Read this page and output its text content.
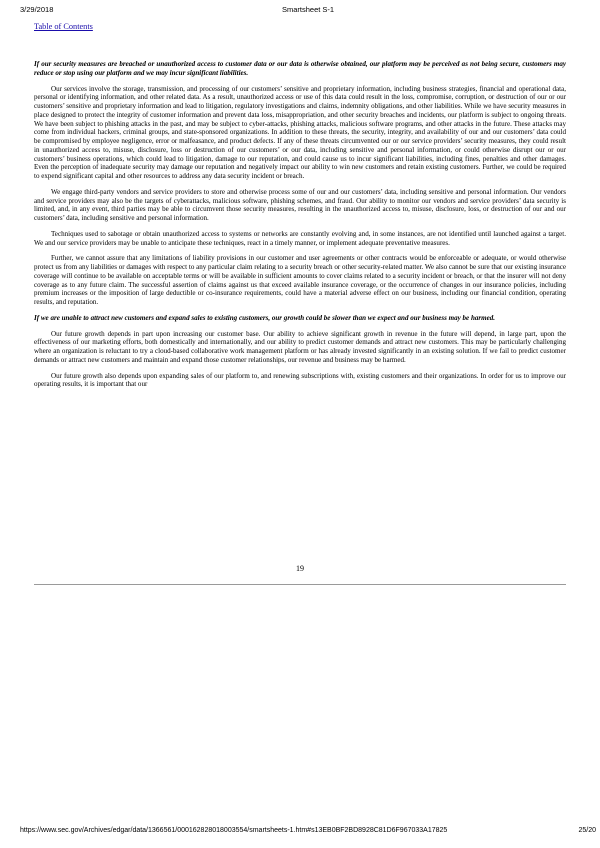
3/29/2018	Smartsheet S-1
Table of Contents

If our security measures are breached or unauthorized access to customer data or our data is otherwise obtained, our platform may be perceived as not being secure, customers may reduce or stop using our platform and we may incur significant liabilities.

Our services involve the storage, transmission, and processing of our customers’ sensitive and proprietary information, including business strategies, financial and operational data, personal or identifying information, and other related data. As a result, unauthorized access or use of this data could result in the loss, compromise, corruption, or destruction of our or our customers’ sensitive and proprietary information and lead to litigation, regulatory investigations and claims, indemnity obligations, and other liabilities. While we have security measures in place designed to protect the integrity of customer information and prevent data loss, misappropriation, and other security breaches and incidents, our platform is subject to ongoing threats. We have been subject to phishing attacks in the past, and may be subject to cyber-attacks, phishing attacks, malicious software programs, and other attacks in the future. These attacks may come from individual hackers, criminal groups, and state-sponsored organizations. In addition to these threats, the security, integrity, and availability of our and our customers’ data could be compromised by employee negligence, error or malfeasance, and product defects. If any of these threats circumvented our or our service providers’ security measures, they could result in unauthorized access to, misuse, disclosure, loss or destruction of our customers’ or our data, including sensitive and personal information, or could otherwise disrupt our or our customers’ business operations, which could lead to litigation, damage to our reputation, and could cause us to incur significant liabilities, including fines, penalties and other damages. Even the perception of inadequate security may damage our reputation and negatively impact our ability to win new customers and retain existing customers. Further, we could be required to expend significant capital and other resources to address any data security incident or breach.

We engage third-party vendors and service providers to store and otherwise process some of our and our customers’ data, including sensitive and personal information. Our vendors and service providers may also be the targets of cyberattacks, malicious software, phishing schemes, and fraud. Our ability to monitor our vendors and service providers’ data security is limited, and, in any event, third parties may be able to circumvent those security measures, resulting in the unauthorized access to, misuse, disclosure, loss, or destruction of our and our customers’ data, including sensitive and personal information.

Techniques used to sabotage or obtain unauthorized access to systems or networks are constantly evolving and, in some instances, are not identified until launched against a target. We and our service providers may be unable to anticipate these techniques, react in a timely manner, or implement adequate preventative measures.

Further, we cannot assure that any limitations of liability provisions in our customer and user agreements or other contracts would be enforceable or adequate, or would otherwise protect us from any liabilities or damages with respect to any particular claim relating to a security breach or other security-related matter. We also cannot be sure that our existing insurance coverage will continue to be available on acceptable terms or will be available in sufficient amounts to cover claims related to a security incident or breach, or that the insurer will not deny coverage as to any future claim. The successful assertion of claims against us that exceed available insurance coverage, or the occurrence of changes in our insurance policies, including premium increases or the imposition of large deductible or co-insurance requirements, could have a material adverse effect on our business, including our financial condition, operating results, and reputation.

If we are unable to attract new customers and expand sales to existing customers, our growth could be slower than we expect and our business may be harmed.

Our future growth depends in part upon increasing our customer base. Our ability to achieve significant growth in revenue in the future will depend, in large part, upon the effectiveness of our marketing efforts, both domestically and internationally, and our ability to predict customer demands and attract new customers. This may be particularly challenging where an organization is reluctant to try a cloud-based collaborative work management platform or has already invested significantly in an existing solution. If we fail to predict customer demands or attract new customers and maintain and expand those customer relationships, our revenue and business may be harmed.

Our future growth also depends upon expanding sales of our platform to, and renewing subscriptions with, existing customers and their organizations. In order for us to improve our operating results, it is important that our

19
https://www.sec.gov/Archives/edgar/data/1366561/000162828018003554/smartsheets-1.htm#s13EB0BF2BD8928C81D6F967033A17825	25/20
